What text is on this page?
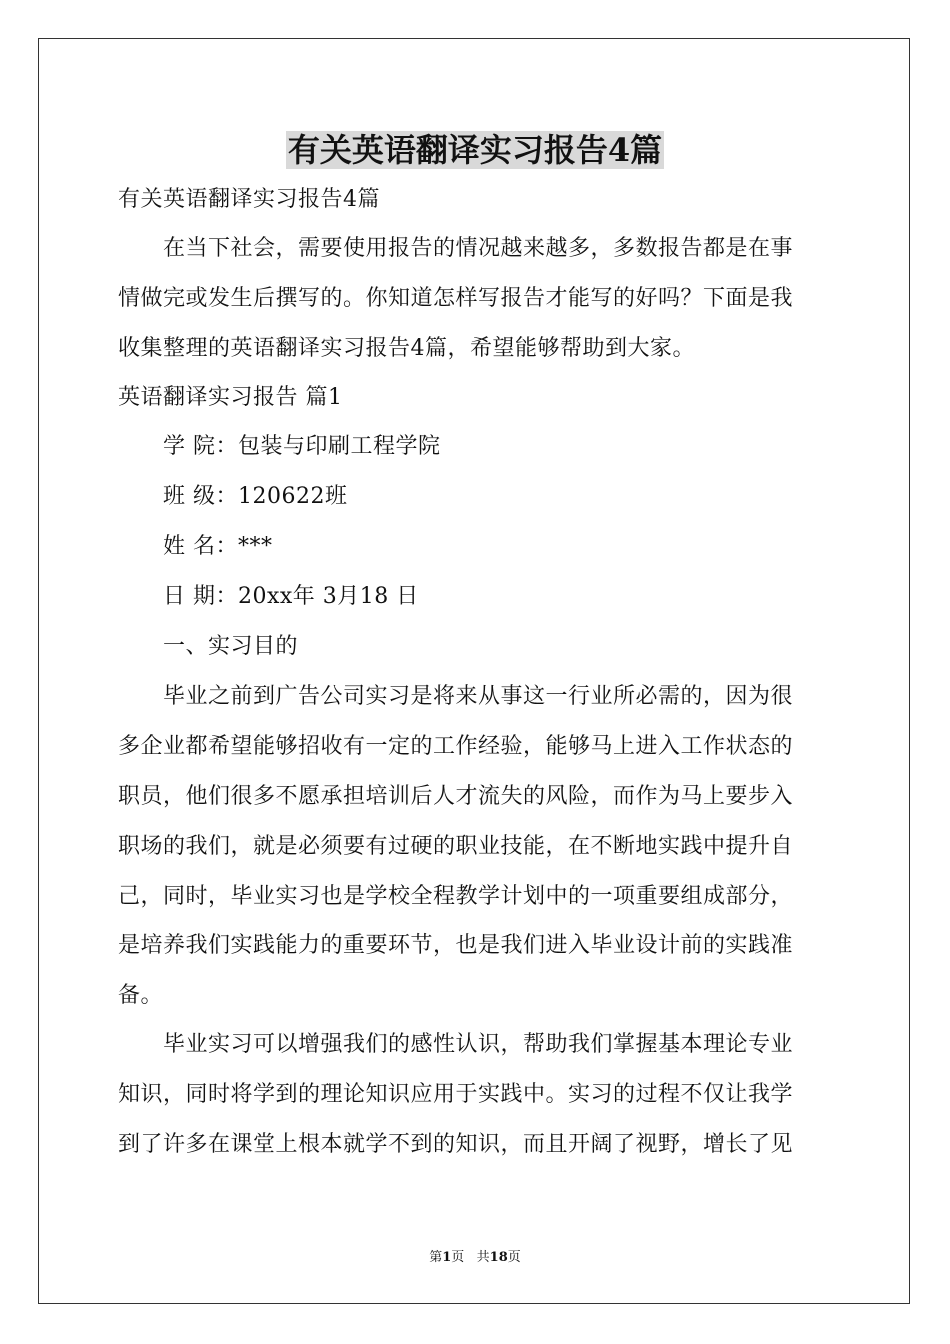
有关英语翻译实习报告4篇

有关英语翻译实习报告4篇

在当下社会，需要使用报告的情况越来越多，多数报告都是在事

情做完或发生后撰写的。你知道怎样写报告才能写的好吗？下面是我

收集整理的英语翻译实习报告4篇，希望能够帮助到大家。

英语翻译实习报告 篇1

学 院：包装与印刷工程学院

班 级：120622班

姓 名：***

日 期：20xx年 3月18 日

一、实习目的

毕业之前到广告公司实习是将来从事这一行业所必需的，因为很

多企业都希望能够招收有一定的工作经验，能够马上进入工作状态的

职员，他们很多不愿承担培训后人才流失的风险，而作为马上要步入

职场的我们，就是必须要有过硬的职业技能，在不断地实践中提升自

己，同时，毕业实习也是学校全程教学计划中的一项重要组成部分，

是培养我们实践能力的重要环节，也是我们进入毕业设计前的实践准

备。

毕业实习可以增强我们的感性认识，帮助我们掌握基本理论专业

知识，同时将学到的理论知识应用于实践中。实习的过程不仅让我学

到了许多在课堂上根本就学不到的知识，而且开阔了视野，增长了见

第1页   共18页
